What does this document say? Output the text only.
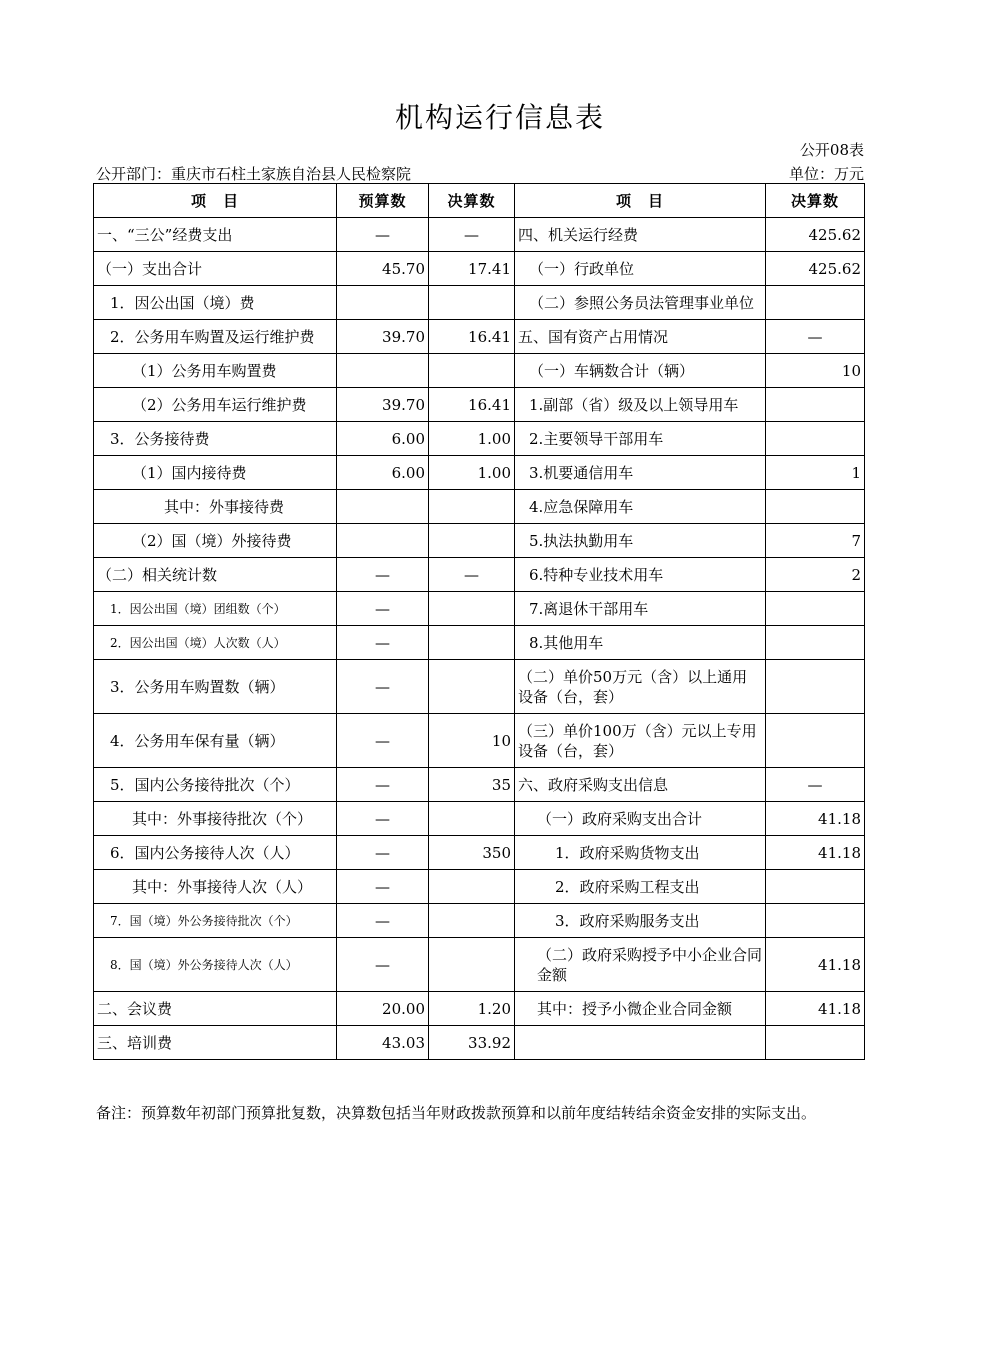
机构运行信息表
公开08表
公开部门：重庆市石柱土家族自治县人民检察院	单位：万元
项　目	预算数	决算数	项　目	决算数
一、“三公”经费支出	—	—	四、机关运行经费	425.62
（一）支出合计	45.70	17.41	（一）行政单位	425.62
1．因公出国（境）费			（二）参照公务员法管理事业单位	
2．公务用车购置及运行维护费	39.70	16.41	五、国有资产占用情况	—
（1）公务用车购置费			（一）车辆数合计（辆）	10
（2）公务用车运行维护费	39.70	16.41	1.副部（省）级及以上领导用车	
3．公务接待费	6.00	1.00	2.主要领导干部用车	
（1）国内接待费	6.00	1.00	3.机要通信用车	1
其中：外事接待费			4.应急保障用车	
（2）国（境）外接待费			5.执法执勤用车	7
（二）相关统计数	—	—	6.特种专业技术用车	2
1．因公出国（境）团组数（个）	—		7.离退休干部用车	
2．因公出国（境）人次数（人）	—		8.其他用车	
3．公务用车购置数（辆）	—		（二）单价50万元（含）以上通用设备（台，套）	
4．公务用车保有量（辆）	—	10	（三）单价100万（含）元以上专用设备（台，套）	
5．国内公务接待批次（个）	—	35	六、政府采购支出信息	—
其中：外事接待批次（个）	—		（一）政府采购支出合计	41.18
6．国内公务接待人次（人）	—	350	1．政府采购货物支出	41.18
其中：外事接待人次（人）	—		2．政府采购工程支出	
7．国（境）外公务接待批次（个）	—		3．政府采购服务支出	
8．国（境）外公务接待人次（人）	—		（二）政府采购授予中小企业合同金额	41.18
二、会议费	20.00	1.20	其中：授予小微企业合同金额	41.18
三、培训费	43.03	33.92		
备注：预算数年初部门预算批复数，决算数包括当年财政拨款预算和以前年度结转结余资金安排的实际支出。
